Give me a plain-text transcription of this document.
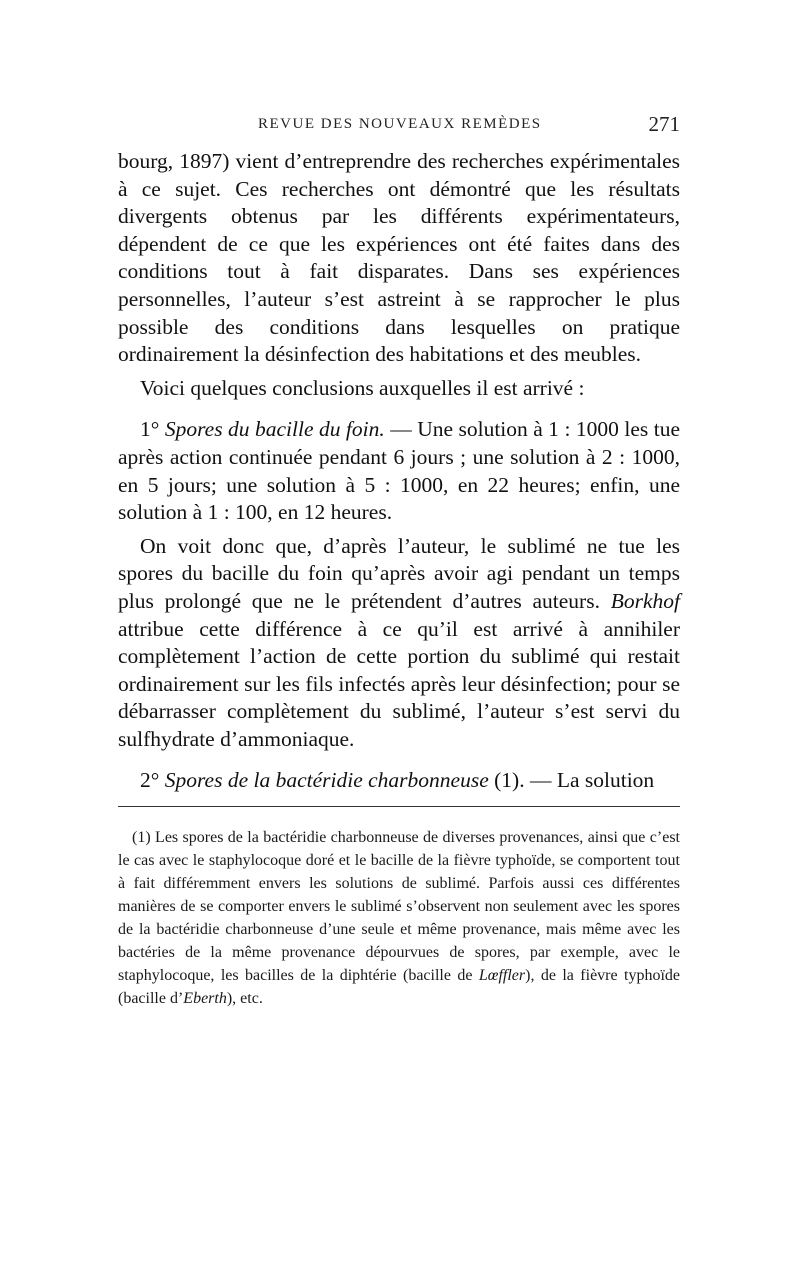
REVUE DES NOUVEAUX REMÈDES	271

bourg, 1897) vient d’entreprendre des recherches expérimentales à ce sujet. Ces recherches ont démontré que les résultats divergents obtenus par les différents expérimentateurs, dépendent de ce que les expériences ont été faites dans des conditions tout à fait disparates. Dans ses expériences personnelles, l’auteur s’est astreint à se rapprocher le plus possible des conditions dans lesquelles on pratique ordinairement la désinfection des habitations et des meubles.

Voici quelques conclusions auxquelles il est arrivé :

1° Spores du bacille du foin. — Une solution à 1 : 1000 les tue après action continuée pendant 6 jours ; une solution à 2 : 1000, en 5 jours; une solution à 5 : 1000, en 22 heures; enfin, une solution à 1 : 100, en 12 heures.

On voit donc que, d’après l’auteur, le sublimé ne tue les spores du bacille du foin qu’après avoir agi pendant un temps plus prolongé que ne le prétendent d’autres auteurs. Borkhof attribue cette différence à ce qu’il est arrivé à annihiler complètement l’action de cette portion du sublimé qui restait ordinairement sur les fils infectés après leur désinfection; pour se débarrasser complètement du sublimé, l’auteur s’est servi du sulfhydrate d’ammoniaque.

2° Spores de la bactéridie charbonneuse (1). — La solution

(1) Les spores de la bactéridie charbonneuse de diverses provenances, ainsi que c’est le cas avec le staphylocoque doré et le bacille de la fièvre typhoïde, se comportent tout à fait différemment envers les solutions de sublimé. Parfois aussi ces différentes manières de se comporter envers le sublimé s’observent non seulement avec les spores de la bactéridie charbonneuse d’une seule et même provenance, mais même avec les bactéries de la même provenance dépourvues de spores, par exemple, avec le staphylocoque, les bacilles de la diphtérie (bacille de Lœffler), de la fièvre typhoïde (bacille d’Eberth), etc.
